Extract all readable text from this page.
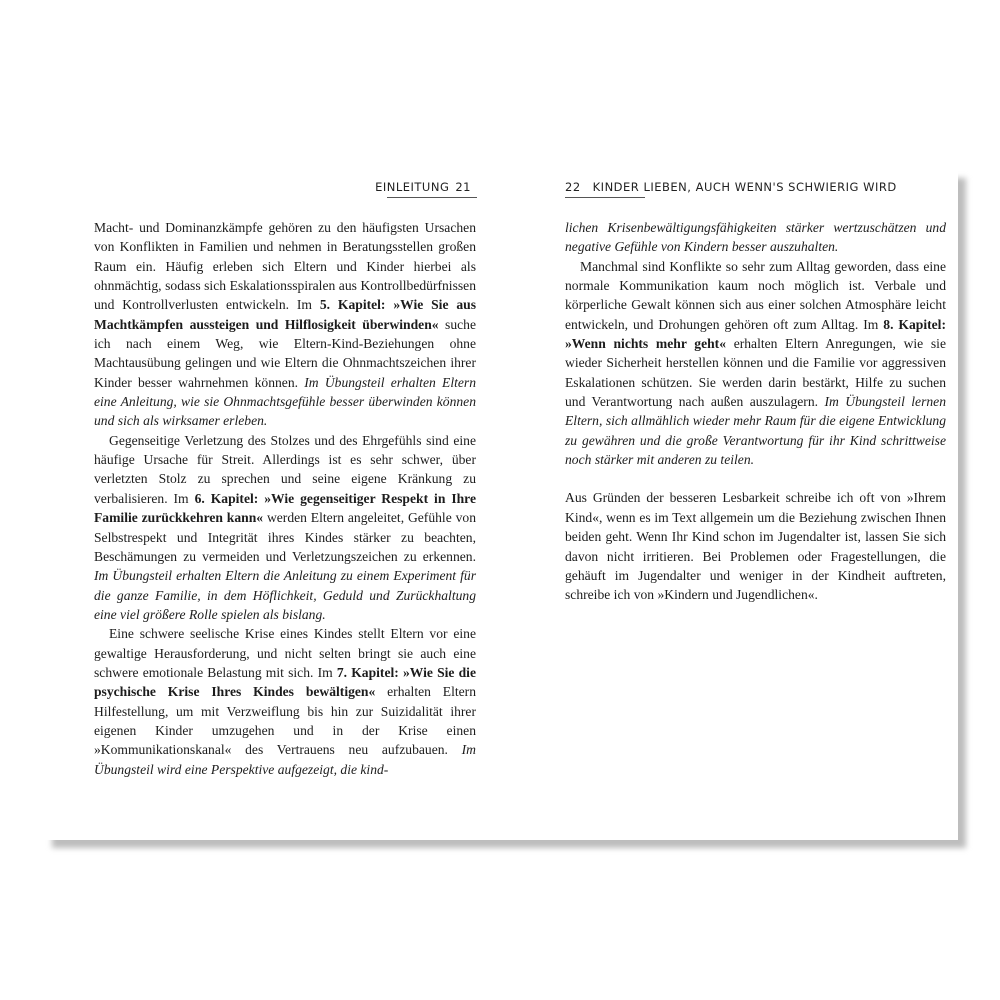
EINLEITUNG 21

Macht- und Dominanzkämpfe gehören zu den häufigsten Ursachen von Konflikten in Familien und nehmen in Beratungsstellen großen Raum ein. Häufig erleben sich Eltern und Kinder hierbei als ohnmächtig, sodass sich Eskalationsspiralen aus Kontrollbedürfnissen und Kontrollverlusten entwickeln. Im 5. Kapitel: »Wie Sie aus Machtkämpfen aussteigen und Hilflosigkeit überwinden« suche ich nach einem Weg, wie Eltern-Kind-Beziehungen ohne Machtausübung gelingen und wie Eltern die Ohnmachtszeichen ihrer Kinder besser wahrnehmen können. Im Übungsteil erhalten Eltern eine Anleitung, wie sie Ohnmachtsgefühle besser überwinden können und sich als wirksamer erleben.

Gegenseitige Verletzung des Stolzes und des Ehrgefühls sind eine häufige Ursache für Streit. Allerdings ist es sehr schwer, über verletzten Stolz zu sprechen und seine eigene Kränkung zu verbalisieren. Im 6. Kapitel: »Wie gegenseitiger Respekt in Ihre Familie zurückkehren kann« werden Eltern angeleitet, Gefühle von Selbstrespekt und Integrität ihres Kindes stärker zu beachten, Beschämungen zu vermeiden und Verletzungszeichen zu erkennen. Im Übungsteil erhalten Eltern die Anleitung zu einem Experiment für die ganze Familie, in dem Höflichkeit, Geduld und Zurückhaltung eine viel größere Rolle spielen als bislang.

Eine schwere seelische Krise eines Kindes stellt Eltern vor eine gewaltige Herausforderung, und nicht selten bringt sie auch eine schwere emotionale Belastung mit sich. Im 7. Kapitel: »Wie Sie die psychische Krise Ihres Kindes bewältigen« erhalten Eltern Hilfestellung, um mit Verzweiflung bis hin zur Suizidalität ihrer eigenen Kinder umzugehen und in der Krise einen »Kommunikationskanal« des Vertrauens neu aufzubauen. Im Übungsteil wird eine Perspektive aufgezeigt, die kind-

22 KINDER LIEBEN, AUCH WENN'S SCHWIERIG WIRD

lichen Krisenbewältigungsfähigkeiten stärker wertzuschätzen und negative Gefühle von Kindern besser auszuhalten.

Manchmal sind Konflikte so sehr zum Alltag geworden, dass eine normale Kommunikation kaum noch möglich ist. Verbale und körperliche Gewalt können sich aus einer solchen Atmosphäre leicht entwickeln, und Drohungen gehören oft zum Alltag. Im 8. Kapitel: »Wenn nichts mehr geht« erhalten Eltern Anregungen, wie sie wieder Sicherheit herstellen können und die Familie vor aggressiven Eskalationen schützen. Sie werden darin bestärkt, Hilfe zu suchen und Verantwortung nach außen auszulagern. Im Übungsteil lernen Eltern, sich allmählich wieder mehr Raum für die eigene Entwicklung zu gewähren und die große Verantwortung für ihr Kind schrittweise noch stärker mit anderen zu teilen.

Aus Gründen der besseren Lesbarkeit schreibe ich oft von »Ihrem Kind«, wenn es im Text allgemein um die Beziehung zwischen Ihnen beiden geht. Wenn Ihr Kind schon im Jugendalter ist, lassen Sie sich davon nicht irritieren. Bei Problemen oder Fragestellungen, die gehäuft im Jugendalter und weniger in der Kindheit auftreten, schreibe ich von »Kindern und Jugendlichen«.
